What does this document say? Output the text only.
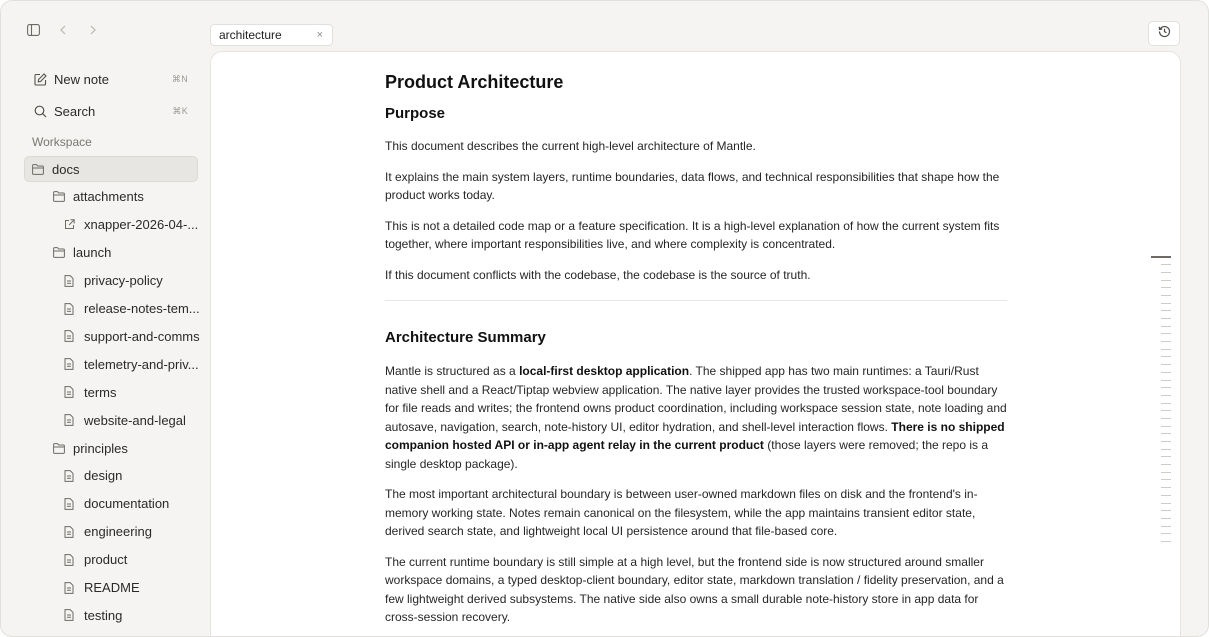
New note	⌘N
Search	⌘K
Workspace
docs
attachments
xnapper-2026-04-...
launch
privacy-policy
release-notes-tem...
support-and-comms
telemetry-and-priv...
terms
website-and-legal
principles
design
documentation
engineering
product
README
testing
architecture	×
Product Architecture
Purpose

This document describes the current high-level architecture of Mantle.

It explains the main system layers, runtime boundaries, data flows, and technical responsibilities that shape how the product works today.

This is not a detailed code map or a feature specification. It is a high-level explanation of how the current system fits together, where important responsibilities live, and where complexity is concentrated.

If this document conflicts with the codebase, the codebase is the source of truth.

Architecture Summary

Mantle is structured as a local-first desktop application. The shipped app has two main runtimes: a Tauri/Rust native shell and a React/Tiptap webview application. The native layer provides the trusted workspace-tool boundary for file reads and writes; the frontend owns product coordination, including workspace session state, note loading and autosave, navigation, search, note-history UI, editor hydration, and shell-level interaction flows. There is no shipped companion hosted API or in-app agent relay in the current product (those layers were removed; the repo is a single desktop package).

The most important architectural boundary is between user-owned markdown files on disk and the frontend's in-memory working state. Notes remain canonical on the filesystem, while the app maintains transient editor state, derived search state, and lightweight local UI persistence around that file-based core.

The current runtime boundary is still simple at a high level, but the frontend side is now structured around smaller workspace domains, a typed desktop-client boundary, editor state, markdown translation / fidelity preservation, and a few lightweight derived subsystems. The native side also owns a small durable note-history store in app data for cross-session recovery.
